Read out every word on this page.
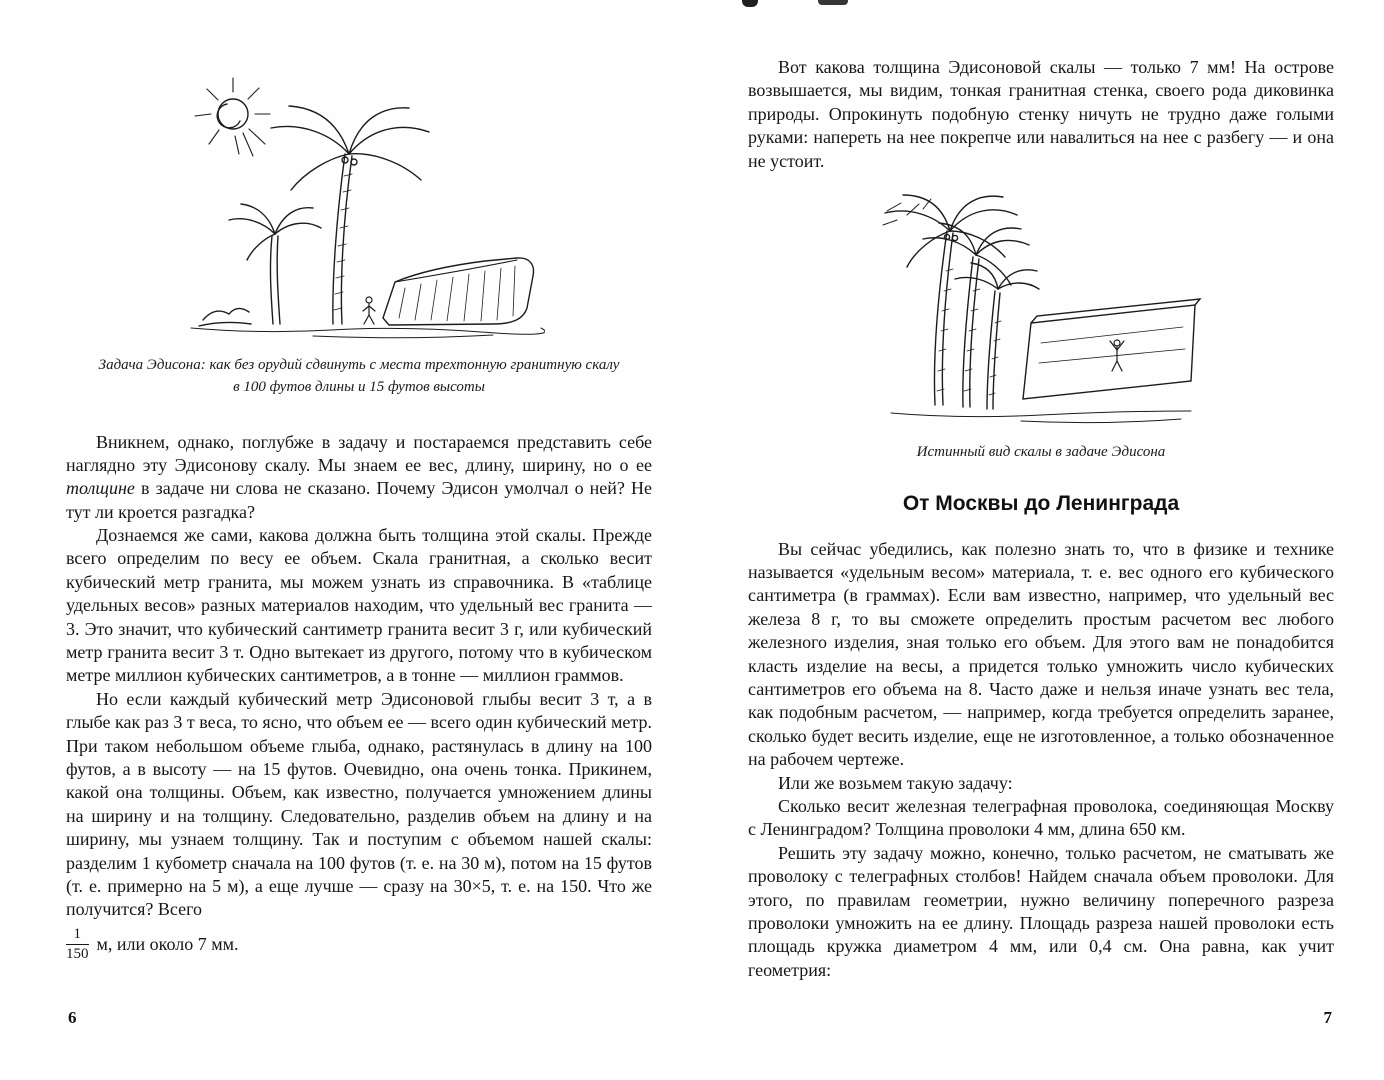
Задача Эдисона: как без орудий сдвинуть с места трехтонную гранитную скалу
в 100 футов длины и 15 футов высоты

Вникнем, однако, поглубже в задачу и постараемся представить себе наглядно эту Эдисонову скалу. Мы знаем ее вес, длину, ширину, но о ее толщине в задаче ни слова не сказано. Почему Эдисон умолчал о ней? Не тут ли кроется разгадка?

Дознаемся же сами, какова должна быть толщина этой скалы. Прежде всего определим по весу ее объем. Скала гранитная, а сколько весит кубический метр гранита, мы можем узнать из справочника. В «таблице удельных весов» разных материалов находим, что удельный вес гранита — 3. Это значит, что кубический сантиметр гранита весит 3 г, или кубический метр гранита весит 3 т. Одно вытекает из другого, потому что в кубическом метре миллион кубических сантиметров, а в тонне — миллион граммов.

Но если каждый кубический метр Эдисоновой глыбы весит 3 т, а в глыбе как раз 3 т веса, то ясно, что объем ее — всего один кубический метр. При таком небольшом объеме глыба, однако, растянулась в длину на 100 футов, а в высоту — на 15 футов. Очевидно, она очень тонка. Прикинем, какой она толщины. Объем, как известно, получается умножением длины на ширину и на толщину. Следовательно, разделив объем на длину и на ширину, мы узнаем толщину. Так и поступим с объемом нашей скалы: разделим 1 кубометр сначала на 100 футов (т. е. на 30 м), потом на 15 футов (т. е. примерно на 5 м), а еще лучше — сразу на 30×5, т. е. на 150. Что же получится? Всего

$\frac{1}{150} м$, или около 7 мм.
6

Вот какова толщина Эдисоновой скалы — только 7 мм! На острове возвышается, мы видим, тонкая гранитная стенка, своего рода диковинка природы. Опрокинуть подобную стенку ничуть не трудно даже голыми руками: напереть на нее покрепче или навалиться на нее с разбегу — и она не устоит.

Истинный вид скалы в задаче Эдисона
От Москвы до Ленинграда

Вы сейчас убедились, как полезно знать то, что в физике и технике называется «удельным весом» материала, т. е. вес одного его кубического сантиметра (в граммах). Если вам известно, например, что удельный вес железа 8 г, то вы сможете определить простым расчетом вес любого железного изделия, зная только его объем. Для этого вам не понадобится класть изделие на весы, а придется только умножить число кубических сантиметров его объема на 8. Часто даже и нельзя иначе узнать вес тела, как подобным расчетом, — например, когда требуется определить заранее, сколько будет весить изделие, еще не изготовленное, а только обозначенное на рабочем чертеже.

Или же возьмем такую задачу:

Сколько весит железная телеграфная проволока, соединяющая Москву с Ленинградом? Толщина проволоки 4 мм, длина 650 км.

Решить эту задачу можно, конечно, только расчетом, не сматывать же проволоку с телеграфных столбов! Найдем сначала объем проволоки. Для этого, по правилам геометрии, нужно величину поперечного разреза проволоки умножить на ее длину. Площадь разреза нашей проволоки есть площадь кружка диаметром 4 мм, или 0,4 см. Она равна, как учит геометрия:

7
